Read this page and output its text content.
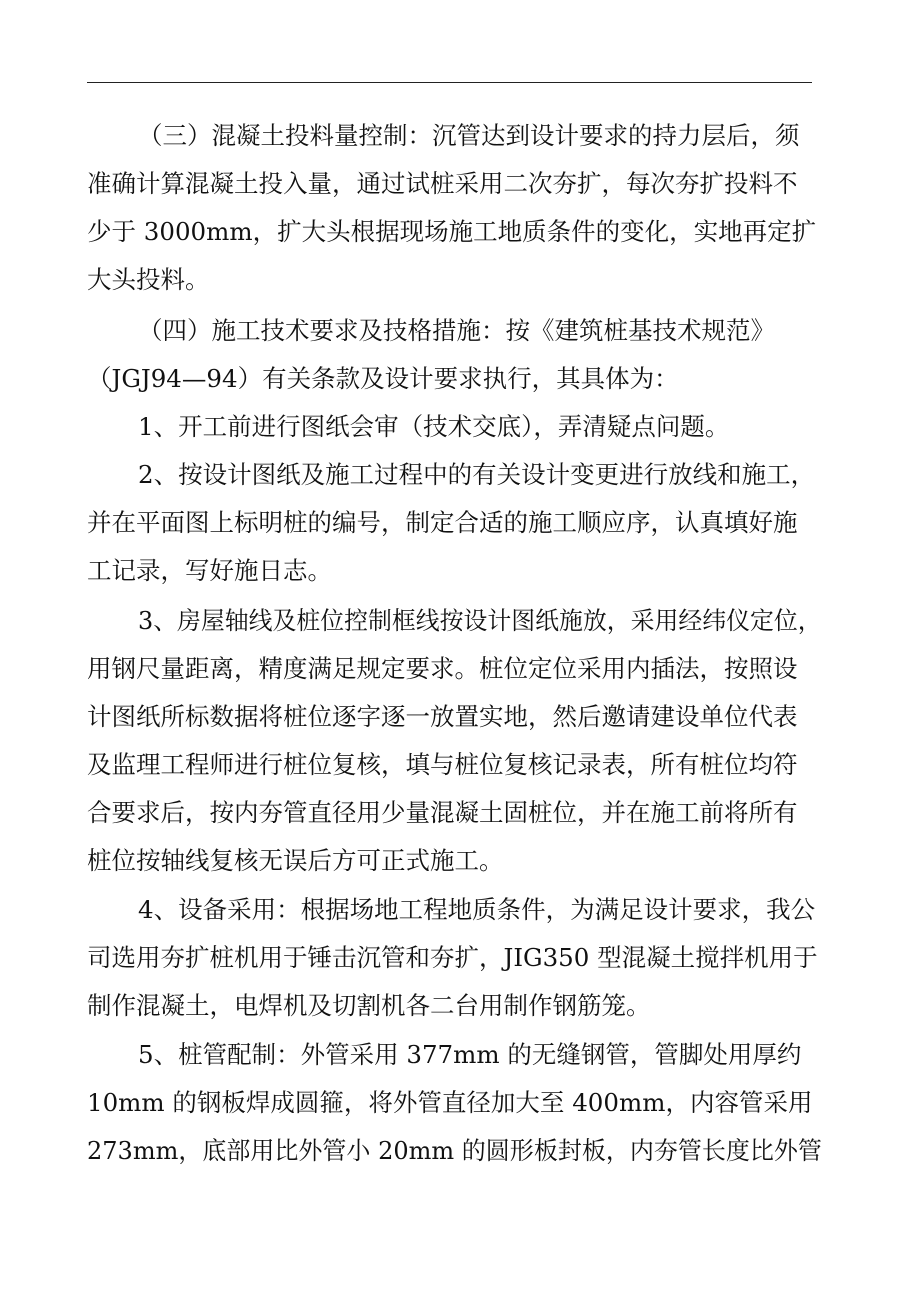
（三）混凝土投料量控制：沉管达到设计要求的持力层后，须
准确计算混凝土投入量，通过试桩采用二次夯扩，每次夯扩投料不
少于 3000mm，扩大头根据现场施工地质条件的变化，实地再定扩
大头投料。
（四）施工技术要求及技格措施：按《建筑桩基技术规范》
（JGJ94—94）有关条款及设计要求执行，其具体为：
1、开工前进行图纸会审（技术交底），弄清疑点问题。
2、按设计图纸及施工过程中的有关设计变更进行放线和施工，
并在平面图上标明桩的编号，制定合适的施工顺应序，认真填好施
工记录，写好施日志。
3、房屋轴线及桩位控制框线按设计图纸施放，采用经纬仪定位，
用钢尺量距离，精度满足规定要求。桩位定位采用内插法，按照设
计图纸所标数据将桩位逐字逐一放置实地，然后邀请建设单位代表
及监理工程师进行桩位复核，填与桩位复核记录表，所有桩位均符
合要求后，按内夯管直径用少量混凝土固桩位，并在施工前将所有
桩位按轴线复核无误后方可正式施工。
4、设备采用：根据场地工程地质条件，为满足设计要求，我公
司选用夯扩桩机用于锤击沉管和夯扩，JIG350 型混凝土搅拌机用于
制作混凝土，电焊机及切割机各二台用制作钢筋笼。
5、桩管配制：外管采用 377mm 的无缝钢管，管脚处用厚约
10mm 的钢板焊成圆箍，将外管直径加大至 400mm，内容管采用
273mm，底部用比外管小 20mm 的圆形板封板，内夯管长度比外管
